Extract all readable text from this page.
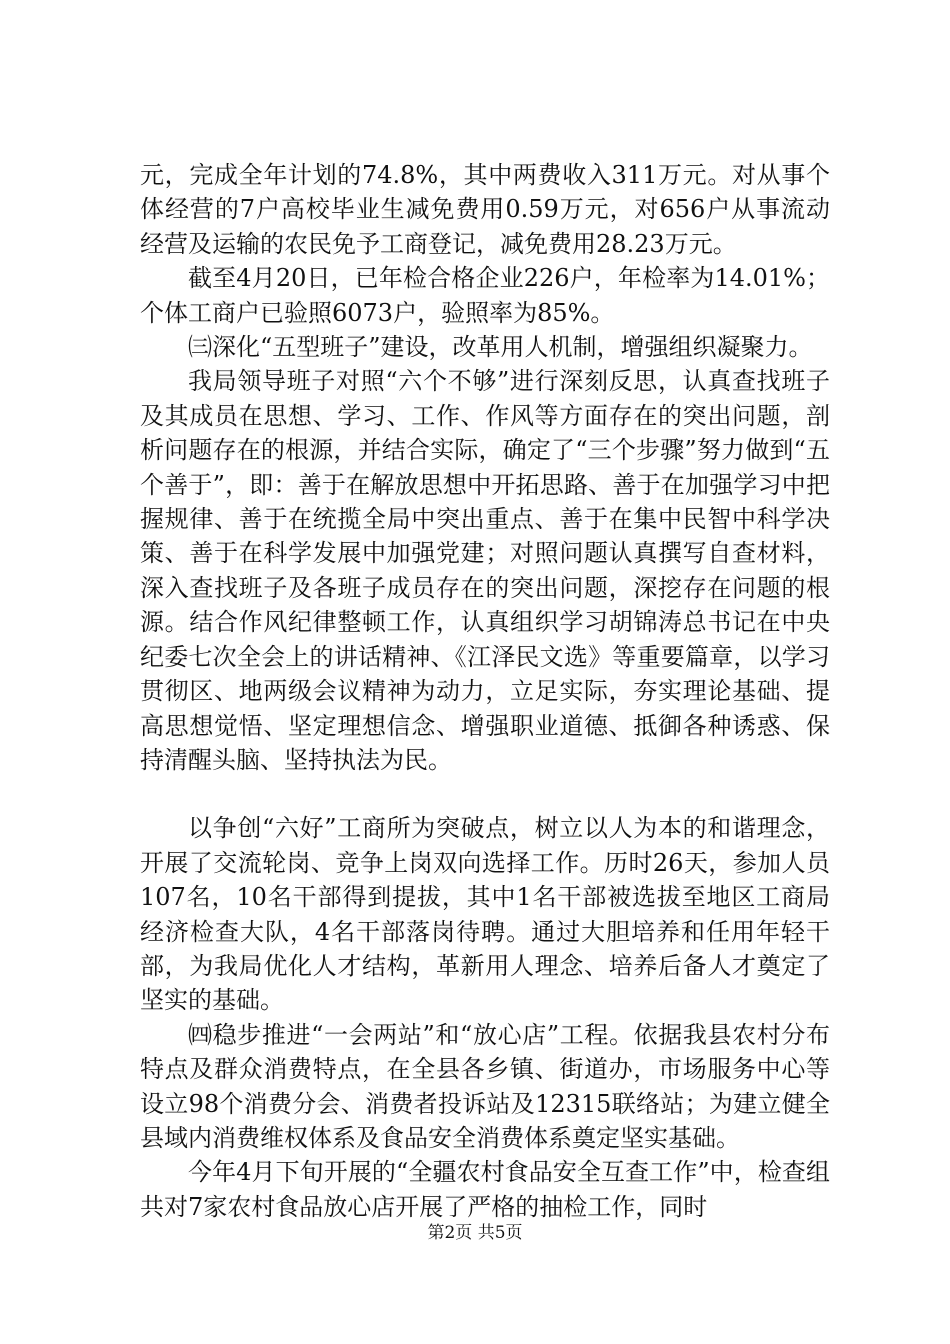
元，完成全年计划的74.8%，其中两费收入311万元。对从事个体经营的7户高校毕业生减免费用0.59万元，对656户从事流动经营及运输的农民免予工商登记，减免费用28.23万元。

截至4月20日，已年检合格企业226户，年检率为14.01%；个体工商户已验照6073户，验照率为85%。

㈢深化“五型班子”建设，改革用人机制，增强组织凝聚力。

我局领导班子对照“六个不够”进行深刻反思，认真查找班子及其成员在思想、学习、工作、作风等方面存在的突出问题，剖析问题存在的根源，并结合实际，确定了“三个步骤”努力做到“五个善于”，即：善于在解放思想中开拓思路、善于在加强学习中把握规律、善于在统揽全局中突出重点、善于在集中民智中科学决策、善于在科学发展中加强党建；对照问题认真撰写自查材料，深入查找班子及各班子成员存在的突出问题，深挖存在问题的根源。结合作风纪律整顿工作，认真组织学习胡锦涛总书记在中央纪委七次全会上的讲话精神、《江泽民文选》等重要篇章，以学习贯彻区、地两级会议精神为动力，立足实际，夯实理论基础、提高思想觉悟、坚定理想信念、增强职业道德、抵御各种诱惑、保持清醒头脑、坚持执法为民。

以争创“六好”工商所为突破点，树立以人为本的和谐理念，开展了交流轮岗、竞争上岗双向选择工作。历时26天，参加人员107名，10名干部得到提拔，其中1名干部被选拔至地区工商局经济检查大队，4名干部落岗待聘。通过大胆培养和任用年轻干部，为我局优化人才结构，革新用人理念、培养后备人才奠定了坚实的基础。

㈣稳步推进“一会两站”和“放心店”工程。依据我县农村分布特点及群众消费特点，在全县各乡镇、街道办，市场服务中心等设立98个消费分会、消费者投诉站及12315联络站；为建立健全县域内消费维权体系及食品安全消费体系奠定坚实基础。

今年4月下旬开展的“全疆农村食品安全互查工作”中，检查组共对7家农村食品放心店开展了严格的抽检工作，同时

第2页 共5页
